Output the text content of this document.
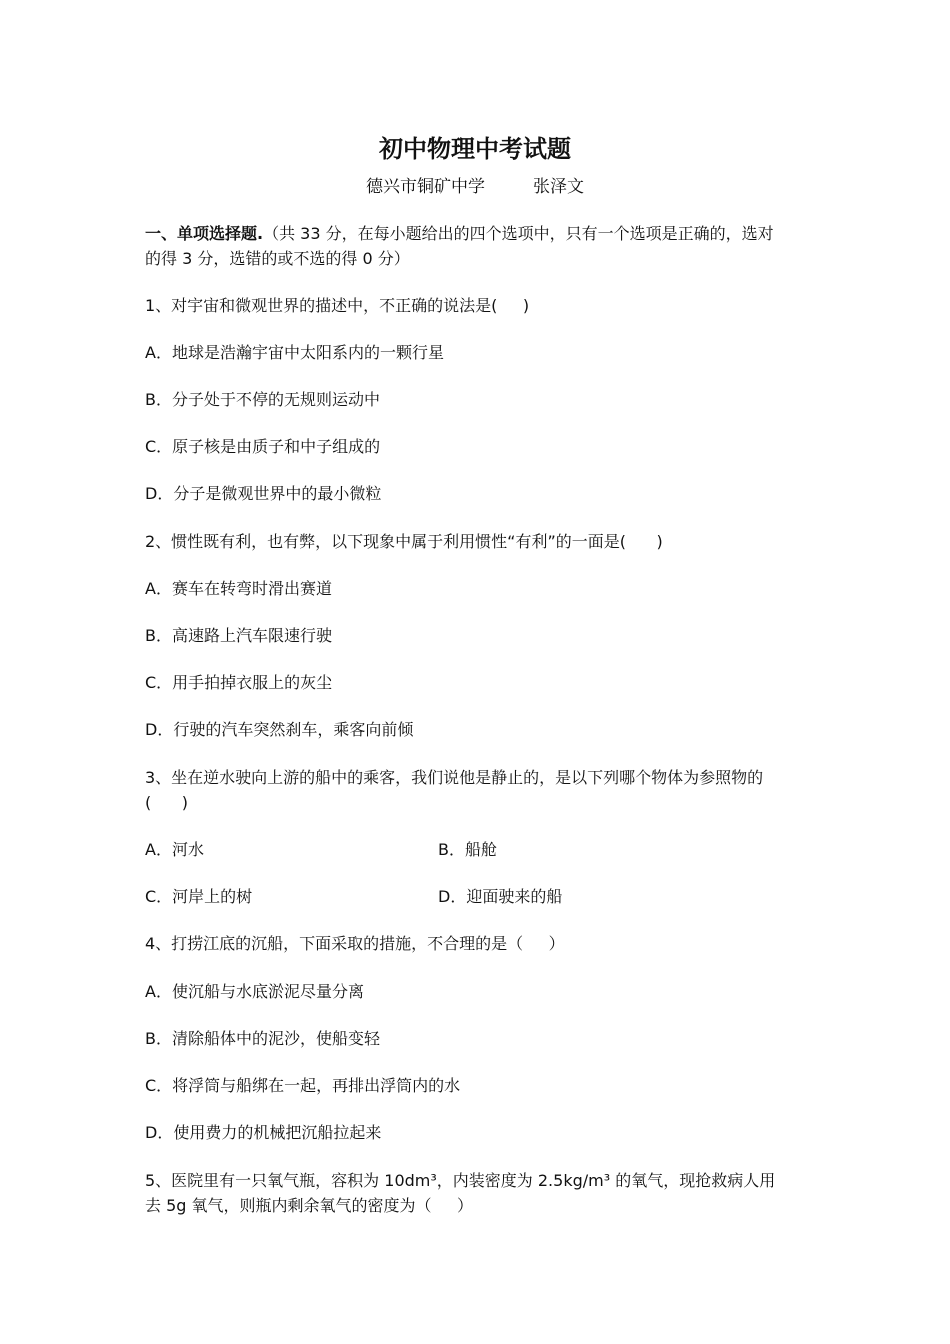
初中物理中考试题
德兴市铜矿中学	张泽文
一、单项选择题.（共 33 分，在每小题给出的四个选项中，只有一个选项是正确的，选对
的得 3 分，选错的或不选的得 0 分）
1、对宇宙和微观世界的描述中，不正确的说法是(     )
A．地球是浩瀚宇宙中太阳系内的一颗行星
B．分子处于不停的无规则运动中
C．原子核是由质子和中子组成的
D．分子是微观世界中的最小微粒
2、惯性既有利，也有弊，以下现象中属于利用惯性“有利”的一面是(      )
A．赛车在转弯时滑出赛道
B．高速路上汽车限速行驶
C．用手拍掉衣服上的灰尘
D．行驶的汽车突然刹车，乘客向前倾
3、坐在逆水驶向上游的船中的乘客，我们说他是静止的，是以下列哪个物体为参照物的
(      )
A．河水	B．船舱
C．河岸上的树	D．迎面驶来的船
4、打捞江底的沉船，下面采取的措施，不合理的是（     ）
A．使沉船与水底淤泥尽量分离
B．清除船体中的泥沙，使船变轻
C．将浮筒与船绑在一起，再排出浮筒内的水
D．使用费力的机械把沉船拉起来
5、医院里有一只氧气瓶，容积为 10dm³，内装密度为 2.5kg/m³ 的氧气，现抢救病人用
去 5g 氧气，则瓶内剩余氧气的密度为（     ）
